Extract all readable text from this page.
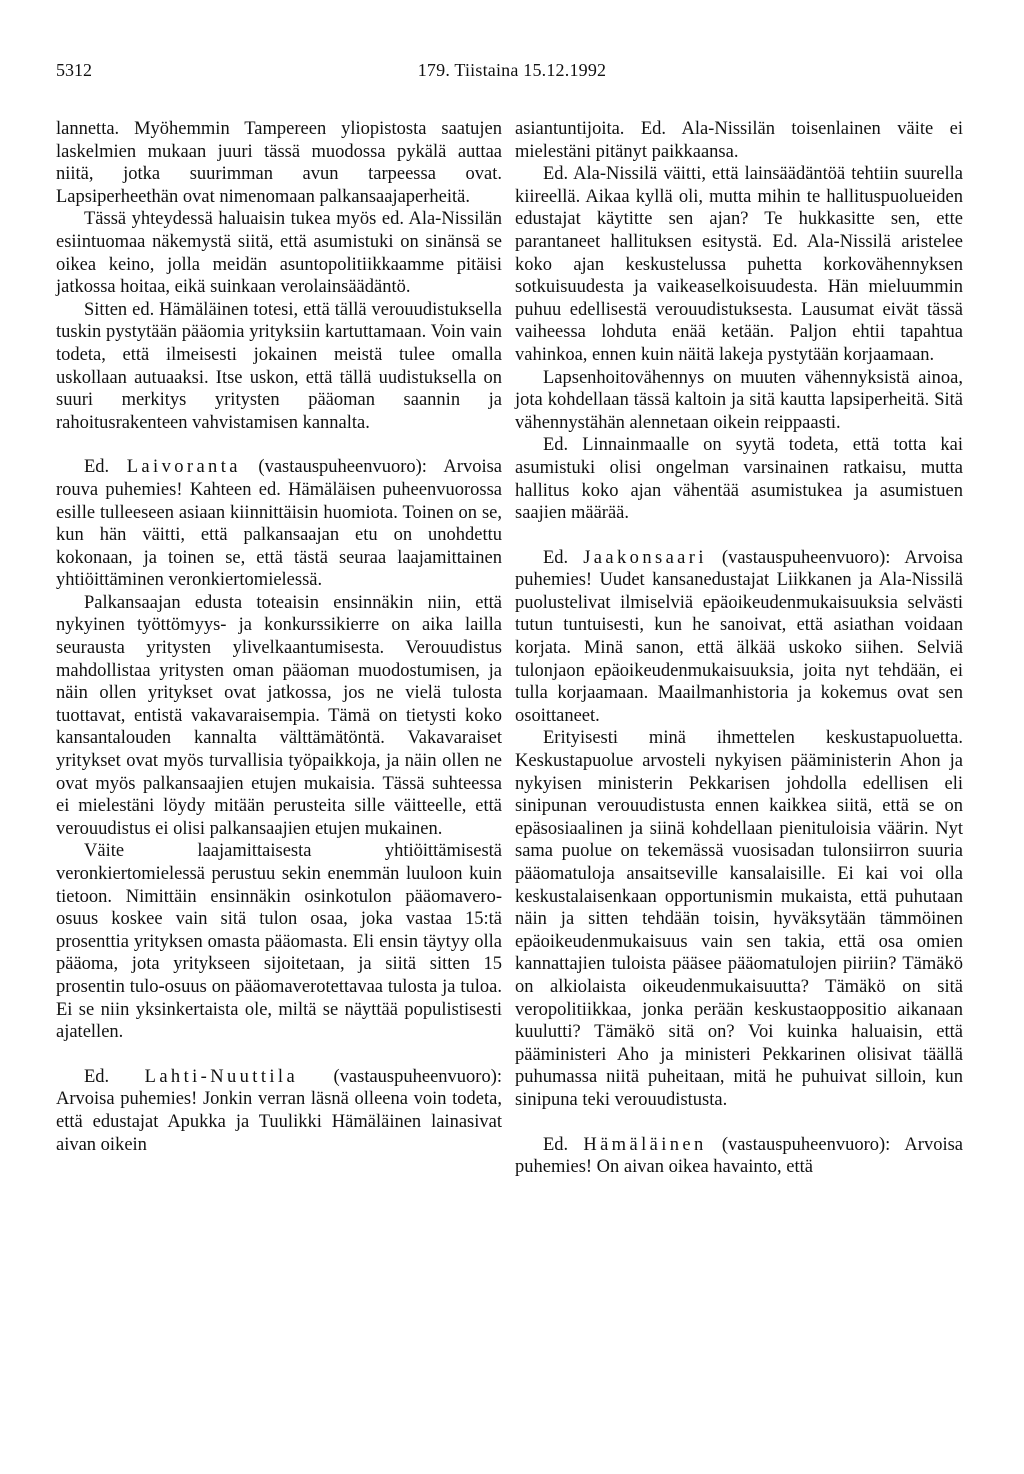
5312	179. Tiistaina 15.12.1992

lannetta. Myöhemmin Tampereen yliopistosta saatujen laskelmien mukaan juuri tässä muodossa pykälä auttaa niitä, jotka suurimman avun tarpeessa ovat. Lapsiperheethän ovat nimenomaan palkansaajaperheitä.

Tässä yhteydessä haluaisin tukea myös ed. Ala-Nissilän esiintuomaa näkemystä siitä, että asumistuki on sinänsä se oikea keino, jolla meidän asuntopolitiikkaamme pitäisi jatkossa hoitaa, eikä suinkaan verolainsäädäntö.

Sitten ed. Hämäläinen totesi, että tällä verouudistuksella tuskin pystytään pääomia yrityksiin kartuttamaan. Voin vain todeta, että ilmeisesti jokainen meistä tulee omalla uskollaan autuaaksi. Itse uskon, että tällä uudistuksella on suuri merkitys yritysten pääoman saannin ja rahoitusrakenteen vahvistamisen kannalta.

Ed. Laivoranta (vastauspuheenvuoro): Arvoisa rouva puhemies! Kahteen ed. Hämäläisen puheenvuorossa esille tulleeseen asiaan kiinnittäisin huomiota. Toinen on se, kun hän väitti, että palkansaajan etu on unohdettu kokonaan, ja toinen se, että tästä seuraa laajamittainen yhtiöittäminen veronkiertomielessä.

Palkansaajan edusta toteaisin ensinnäkin niin, että nykyinen työttömyys- ja konkurssikierre on aika lailla seurausta yritysten ylivelkaantumisesta. Verouudistus mahdollistaa yritysten oman pääoman muodostumisen, ja näin ollen yritykset ovat jatkossa, jos ne vielä tulosta tuottavat, entistä vakavaraisempia. Tämä on tietysti koko kansantalouden kannalta välttämätöntä. Vakavaraiset yritykset ovat myös turvallisia työpaikkoja, ja näin ollen ne ovat myös palkansaajien etujen mukaisia. Tässä suhteessa ei mielestäni löydy mitään perusteita sille väitteelle, että verouudistus ei olisi palkansaajien etujen mukainen.

Väite laajamittaisesta yhtiöittämisestä veronkiertomielessä perustuu sekin enemmän luuloon kuin tietoon. Nimittäin ensinnäkin osinkotulon pääomavero-osuus koskee vain sitä tulon osaa, joka vastaa 15:tä prosenttia yrityksen omasta pääomasta. Eli ensin täytyy olla pääoma, jota yritykseen sijoitetaan, ja siitä sitten 15 prosentin tulo-osuus on pääomaverotettavaa tulosta ja tuloa. Ei se niin yksinkertaista ole, miltä se näyttää populistisesti ajatellen.

Ed. Lahti-Nuuttila (vastauspuheenvuoro): Arvoisa puhemies! Jonkin verran läsnä olleena voin todeta, että edustajat Apukka ja Tuulikki Hämäläinen lainasivat aivan oikein

asiantuntijoita. Ed. Ala-Nissilän toisenlainen väite ei mielestäni pitänyt paikkaansa.

Ed. Ala-Nissilä väitti, että lainsäädäntöä tehtiin suurella kiireellä. Aikaa kyllä oli, mutta mihin te hallituspuolueiden edustajat käytitte sen ajan? Te hukkasitte sen, ette parantaneet hallituksen esitystä. Ed. Ala-Nissilä aristelee koko ajan keskustelussa puhetta korkovähennyksen sotkuisuudesta ja vaikeaselkoisuudesta. Hän mieluummin puhuu edellisestä verouudistuksesta. Lausumat eivät tässä vaiheessa lohduta enää ketään. Paljon ehtii tapahtua vahinkoa, ennen kuin näitä lakeja pystytään korjaamaan.

Lapsenhoitovähennys on muuten vähennyksistä ainoa, jota kohdellaan tässä kaltoin ja sitä kautta lapsiperheitä. Sitä vähennystähän alennetaan oikein reippaasti.

Ed. Linnainmaalle on syytä todeta, että totta kai asumistuki olisi ongelman varsinainen ratkaisu, mutta hallitus koko ajan vähentää asumistukea ja asumistuen saajien määrää.

Ed. Jaakonsaari (vastauspuheenvuoro): Arvoisa puhemies! Uudet kansanedustajat Liikkanen ja Ala-Nissilä puolustelivat ilmiselviä epäoikeudenmukaisuuksia selvästi tutun tuntuisesti, kun he sanoivat, että asiathan voidaan korjata. Minä sanon, että älkää uskoko siihen. Selviä tulonjaon epäoikeudenmukaisuuksia, joita nyt tehdään, ei tulla korjaamaan. Maailmanhistoria ja kokemus ovat sen osoittaneet.

Erityisesti minä ihmettelen keskustapuoluetta. Keskustapuolue arvosteli nykyisen pääministerin Ahon ja nykyisen ministerin Pekkarisen johdolla edellisen eli sinipunan verouudistusta ennen kaikkea siitä, että se on epäsosiaalinen ja siinä kohdellaan pienituloisia väärin. Nyt sama puolue on tekemässä vuosisadan tulonsiirron suuria pääomatuloja ansaitseville kansalaisille. Ei kai voi olla keskustalaisenkaan opportunismin mukaista, että puhutaan näin ja sitten tehdään toisin, hyväksytään tämmöinen epäoikeudenmukaisuus vain sen takia, että osa omien kannattajien tuloista pääsee pääomatulojen piiriin? Tämäkö on alkiolaista oikeudenmukaisuutta? Tämäkö on sitä veropolitiikkaa, jonka perään keskustaoppositio aikanaan kuulutti? Tämäkö sitä on? Voi kuinka haluaisin, että pääministeri Aho ja ministeri Pekkarinen olisivat täällä puhumassa niitä puheitaan, mitä he puhuivat silloin, kun sinipuna teki verouudistusta.

Ed. Hämäläinen (vastauspuheenvuoro): Arvoisa puhemies! On aivan oikea havainto, että
